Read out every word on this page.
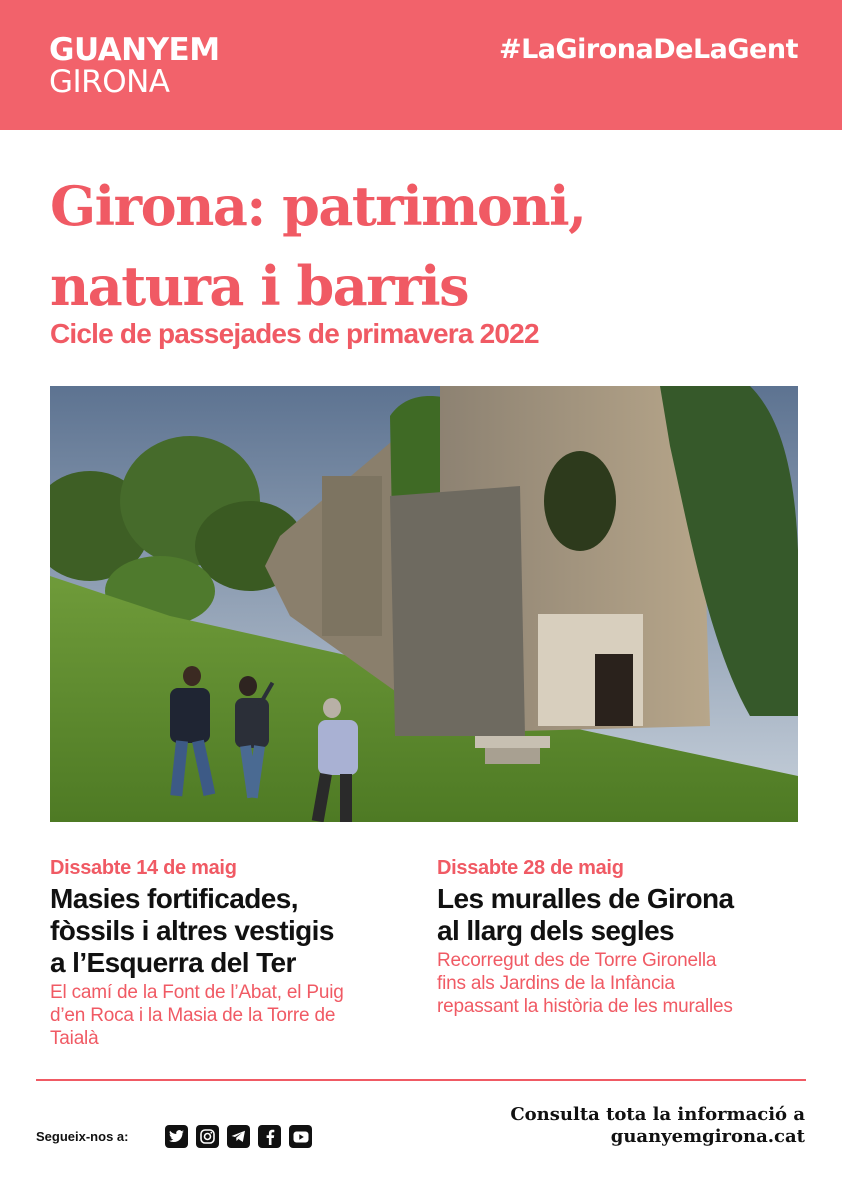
GUANYEM
GIRONA
#LaGironaDeLaGent
Girona: patrimoni,
natura i barris
Cicle de passejades de primavera 2022
Dissabte 14 de maig
Masies fortificades,
fòssils i altres vestigis
a l’Esquerra del Ter
El camí de la Font de l’Abat, el Puig
d’en Roca i la Masia de la Torre de
Taialà
Dissabte 28 de maig
Les muralles de Girona
al llarg dels segles
Recorregut des de Torre Gironella
fins als Jardins de la Infància
repassant la història de les muralles
Segueix-nos a:
Consulta tota la informació a
guanyemgirona.cat
